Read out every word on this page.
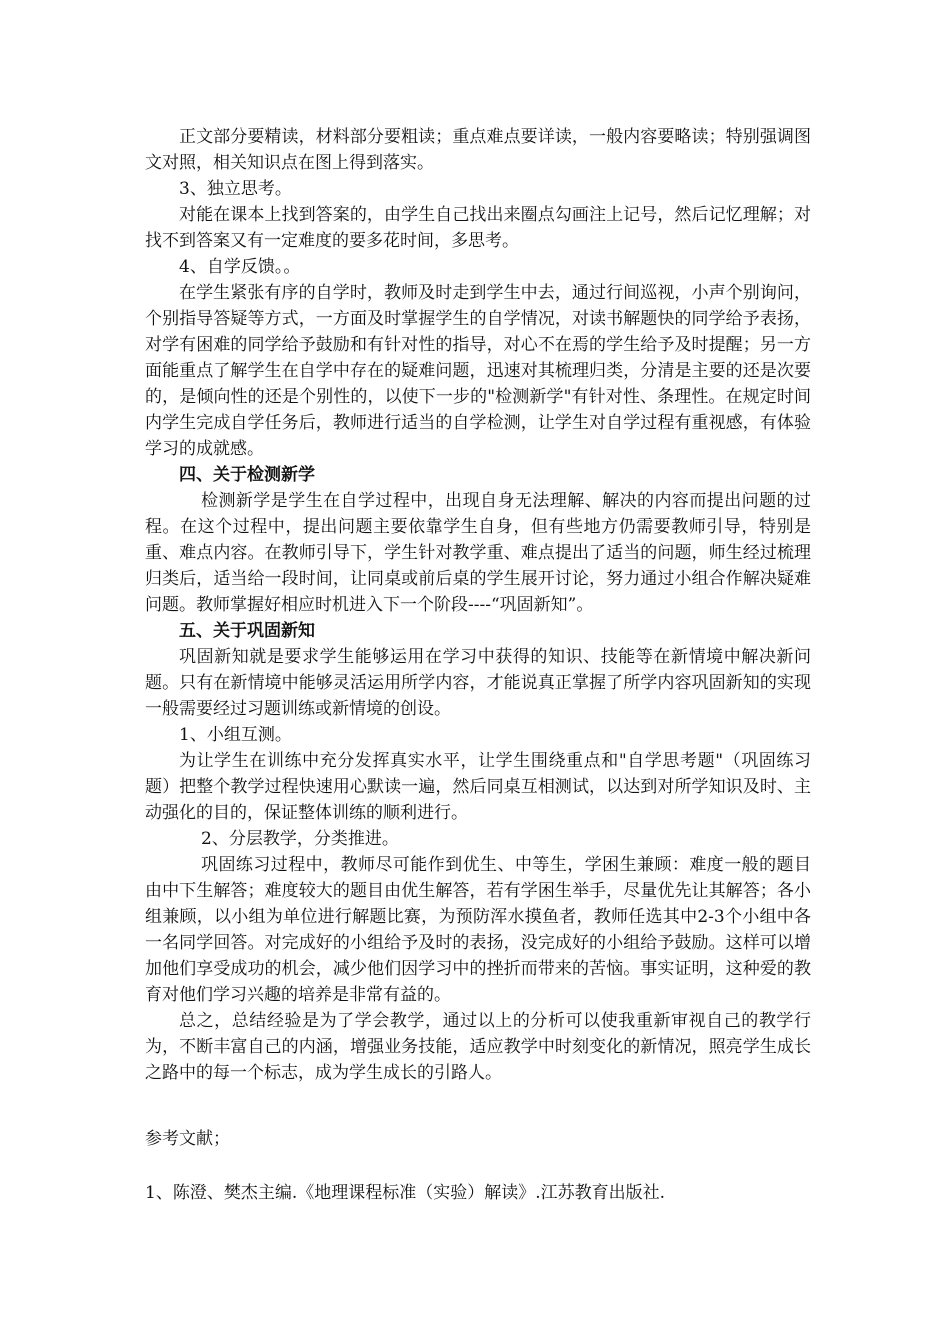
正文部分要精读，材料部分要粗读；重点难点要详读，一般内容要略读；特别强调图文对照，相关知识点在图上得到落实。

3、独立思考。

对能在课本上找到答案的，由学生自己找出来圈点勾画注上记号，然后记忆理解；对找不到答案又有一定难度的要多花时间，多思考。

4、自学反馈。。

在学生紧张有序的自学时，教师及时走到学生中去，通过行间巡视，小声个别询问，个别指导答疑等方式，一方面及时掌握学生的自学情况，对读书解题快的同学给予表扬，对学有困难的同学给予鼓励和有针对性的指导，对心不在焉的学生给予及时提醒；另一方面能重点了解学生在自学中存在的疑难问题，迅速对其梳理归类，分清是主要的还是次要的，是倾向性的还是个别性的，以使下一步的"检测新学"有针对性、条理性。在规定时间内学生完成自学任务后，教师进行适当的自学检测，让学生对自学过程有重视感，有体验学习的成就感。

四、关于检测新学

检测新学是学生在自学过程中，出现自身无法理解、解决的内容而提出问题的过程。在这个过程中，提出问题主要依靠学生自身，但有些地方仍需要教师引导，特别是重、难点内容。在教师引导下，学生针对教学重、难点提出了适当的问题，师生经过梳理归类后，适当给一段时间，让同桌或前后桌的学生展开讨论，努力通过小组合作解决疑难问题。教师掌握好相应时机进入下一个阶段----“巩固新知”。

五、关于巩固新知

巩固新知就是要求学生能够运用在学习中获得的知识、技能等在新情境中解决新问题。只有在新情境中能够灵活运用所学内容，才能说真正掌握了所学内容巩固新知的实现一般需要经过习题训练或新情境的创设。

1、小组互测。

为让学生在训练中充分发挥真实水平，让学生围绕重点和"自学思考题"（巩固练习题）把整个教学过程快速用心默读一遍，然后同桌互相测试，以达到对所学知识及时、主动强化的目的，保证整体训练的顺利进行。

2、分层教学，分类推进。

巩固练习过程中，教师尽可能作到优生、中等生，学困生兼顾：难度一般的题目由中下生解答；难度较大的题目由优生解答，若有学困生举手，尽量优先让其解答；各小组兼顾，以小组为单位进行解题比赛，为预防浑水摸鱼者，教师任选其中2-3个小组中各一名同学回答。对完成好的小组给予及时的表扬，没完成好的小组给予鼓励。这样可以增加他们享受成功的机会，减少他们因学习中的挫折而带来的苦恼。事实证明，这种爱的教育对他们学习兴趣的培养是非常有益的。

总之，总结经验是为了学会教学，通过以上的分析可以使我重新审视自己的教学行为，不断丰富自己的内涵，增强业务技能，适应教学中时刻变化的新情况，照亮学生成长之路中的每一个标志，成为学生成长的引路人。

参考文献；

1、陈澄、樊杰主编.《地理课程标准（实验）解读》.江苏教育出版社.
